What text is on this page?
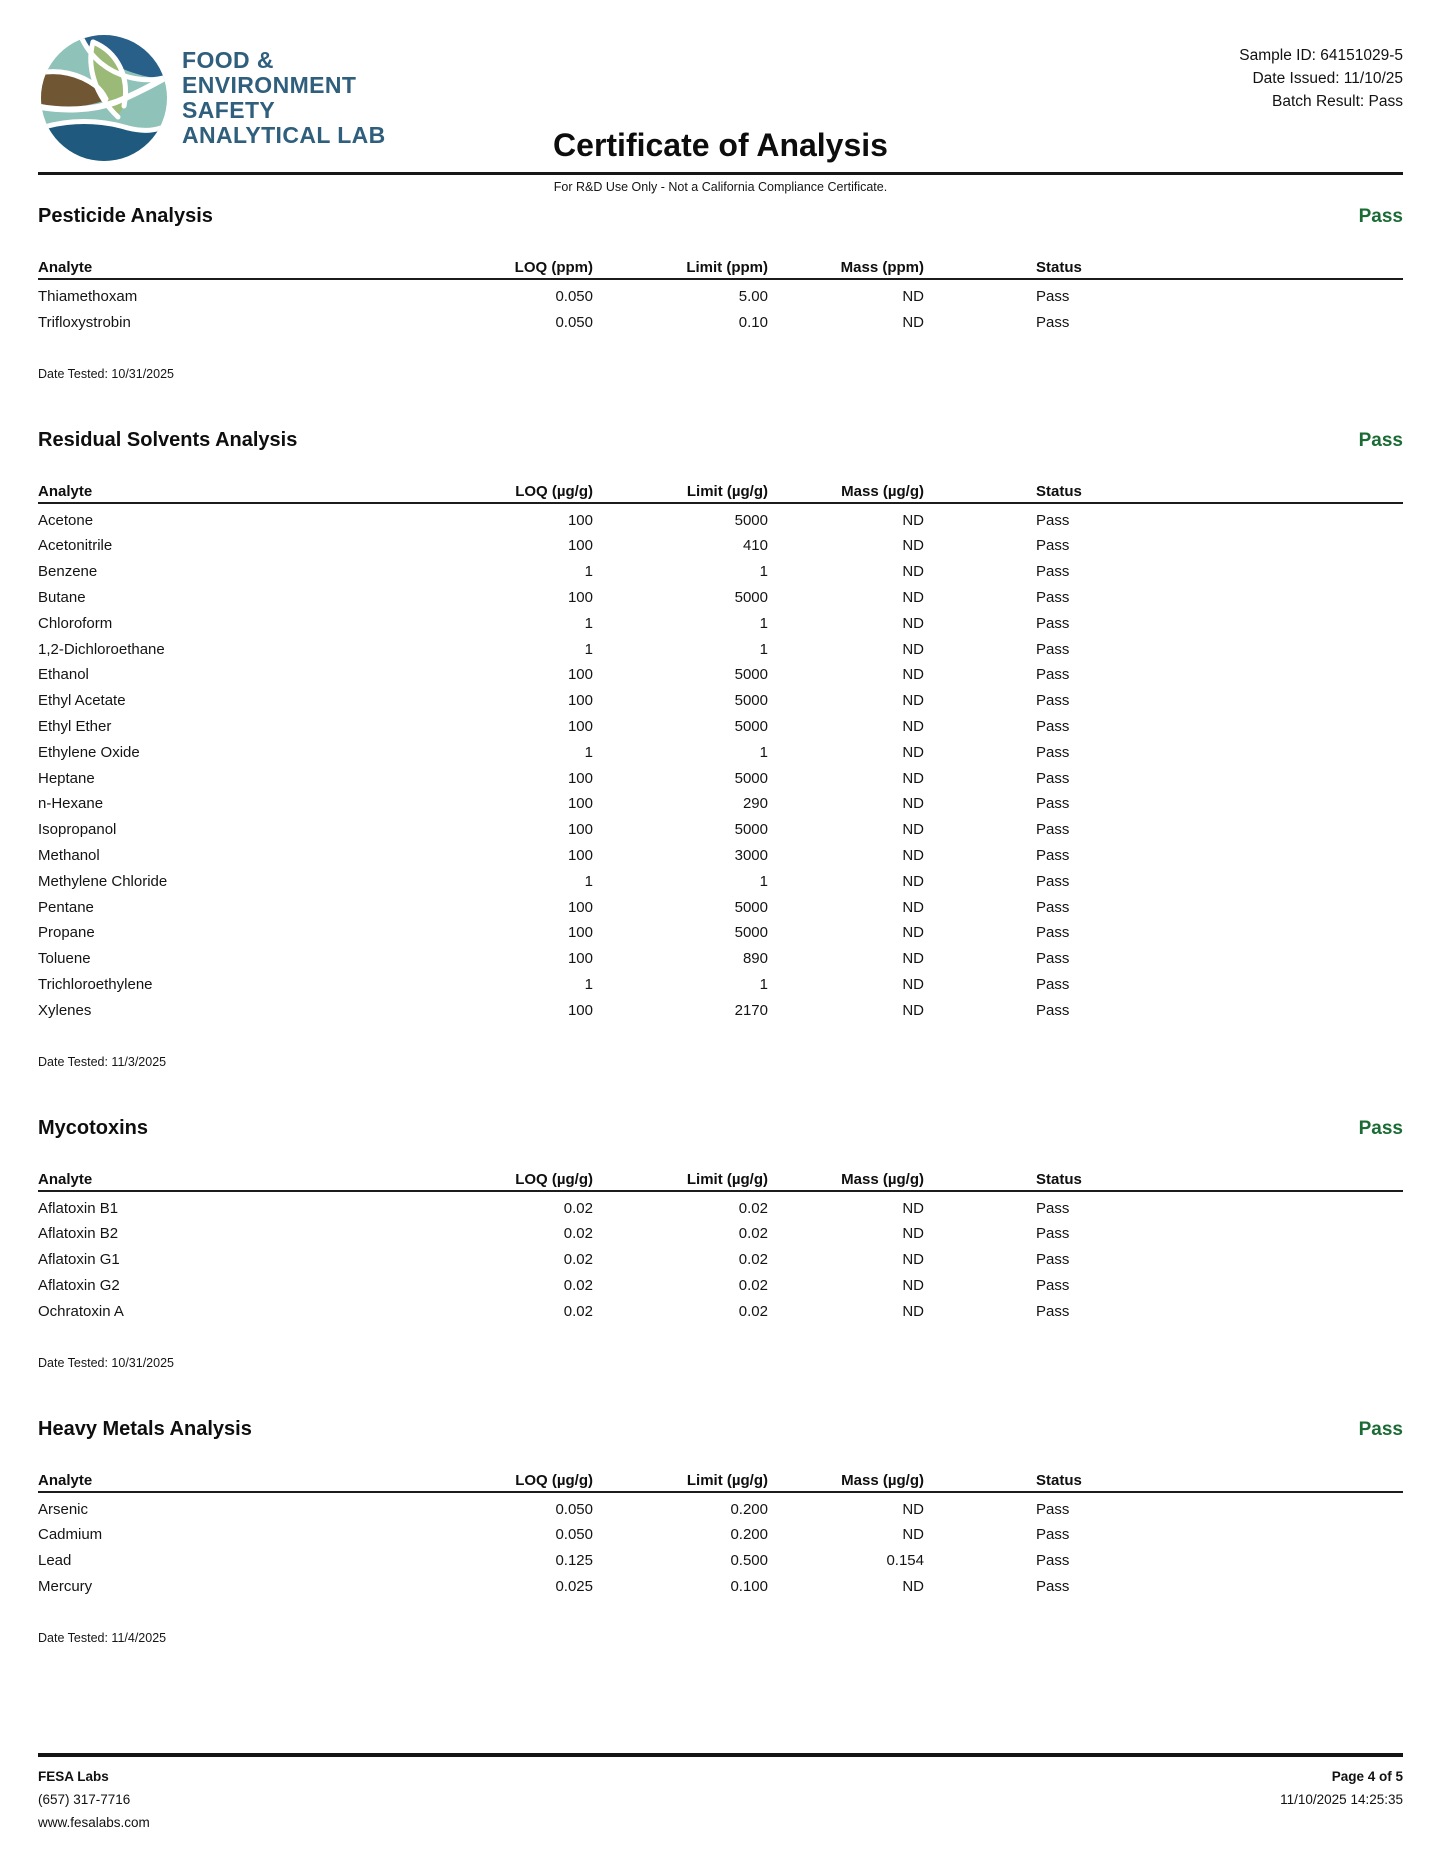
FOOD &
ENVIRONMENT
SAFETY
ANALYTICAL LAB	Certificate of Analysis
Sample ID: 64151029-5
Date Issued: 11/10/25
Batch Result: Pass
For R&D Use Only - Not a California Compliance Certificate.
Pesticide Analysis	Pass
Analyte	LOQ (ppm)	Limit (ppm)	Mass (ppm)	Status
Thiamethoxam	0.050	5.00	ND	Pass
Trifloxystrobin	0.050	0.10	ND	Pass
Date Tested: 10/31/2025
Residual Solvents Analysis	Pass
Analyte	LOQ (µg/g)	Limit (µg/g)	Mass (µg/g)	Status
Acetone	100	5000	ND	Pass
Acetonitrile	100	410	ND	Pass
Benzene	1	1	ND	Pass
Butane	100	5000	ND	Pass
Chloroform	1	1	ND	Pass
1,2-Dichloroethane	1	1	ND	Pass
Ethanol	100	5000	ND	Pass
Ethyl Acetate	100	5000	ND	Pass
Ethyl Ether	100	5000	ND	Pass
Ethylene Oxide	1	1	ND	Pass
Heptane	100	5000	ND	Pass
n-Hexane	100	290	ND	Pass
Isopropanol	100	5000	ND	Pass
Methanol	100	3000	ND	Pass
Methylene Chloride	1	1	ND	Pass
Pentane	100	5000	ND	Pass
Propane	100	5000	ND	Pass
Toluene	100	890	ND	Pass
Trichloroethylene	1	1	ND	Pass
Xylenes	100	2170	ND	Pass
Date Tested: 11/3/2025
Mycotoxins	Pass
Analyte	LOQ (µg/g)	Limit (µg/g)	Mass (µg/g)	Status
Aflatoxin B1	0.02	0.02	ND	Pass
Aflatoxin B2	0.02	0.02	ND	Pass
Aflatoxin G1	0.02	0.02	ND	Pass
Aflatoxin G2	0.02	0.02	ND	Pass
Ochratoxin A	0.02	0.02	ND	Pass
Date Tested: 10/31/2025
Heavy Metals Analysis	Pass
Analyte	LOQ (µg/g)	Limit (µg/g)	Mass (µg/g)	Status
Arsenic	0.050	0.200	ND	Pass
Cadmium	0.050	0.200	ND	Pass
Lead	0.125	0.500	0.154	Pass
Mercury	0.025	0.100	ND	Pass
Date Tested: 11/4/2025
FESA Labs
(657) 317-7716
www.fesalabs.com
Page 4 of 5
11/10/2025 14:25:35
